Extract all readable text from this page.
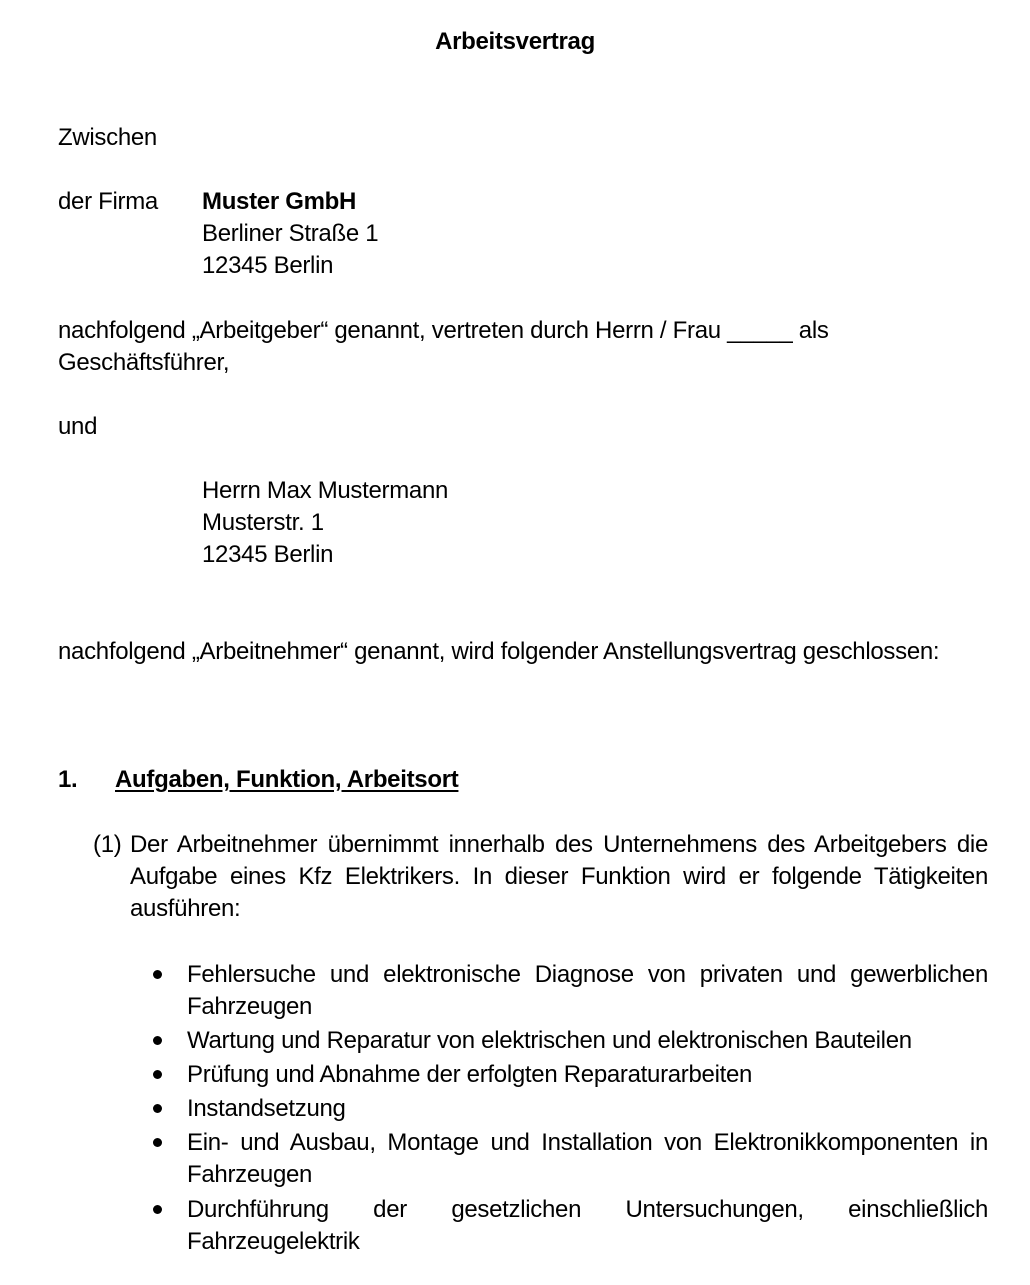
Arbeitsvertrag
Zwischen
der Firma Muster GmbH
Berliner Straße 1
12345 Berlin
nachfolgend „Arbeitgeber“ genannt, vertreten durch Herrn / Frau _____ als
Geschäftsführer,
und
Herrn Max Mustermann
Musterstr. 1
12345 Berlin
nachfolgend „Arbeitnehmer“ genannt, wird folgender Anstellungsvertrag geschlossen:
1. Aufgaben, Funktion, Arbeitsort
(1) Der Arbeitnehmer übernimmt innerhalb des Unternehmens des Arbeitgebers die
Aufgabe eines Kfz Elektrikers. In dieser Funktion wird er folgende Tätigkeiten
ausführen:
Fehlersuche und elektronische Diagnose von privaten und gewerblichen
Fahrzeugen
Wartung und Reparatur von elektrischen und elektronischen Bauteilen
Prüfung und Abnahme der erfolgten Reparaturarbeiten
Instandsetzung
Ein- und Ausbau, Montage und Installation von Elektronikkomponenten in
Fahrzeugen
Durchführung der gesetzlichen Untersuchungen, einschließlich
Fahrzeugelektrik
